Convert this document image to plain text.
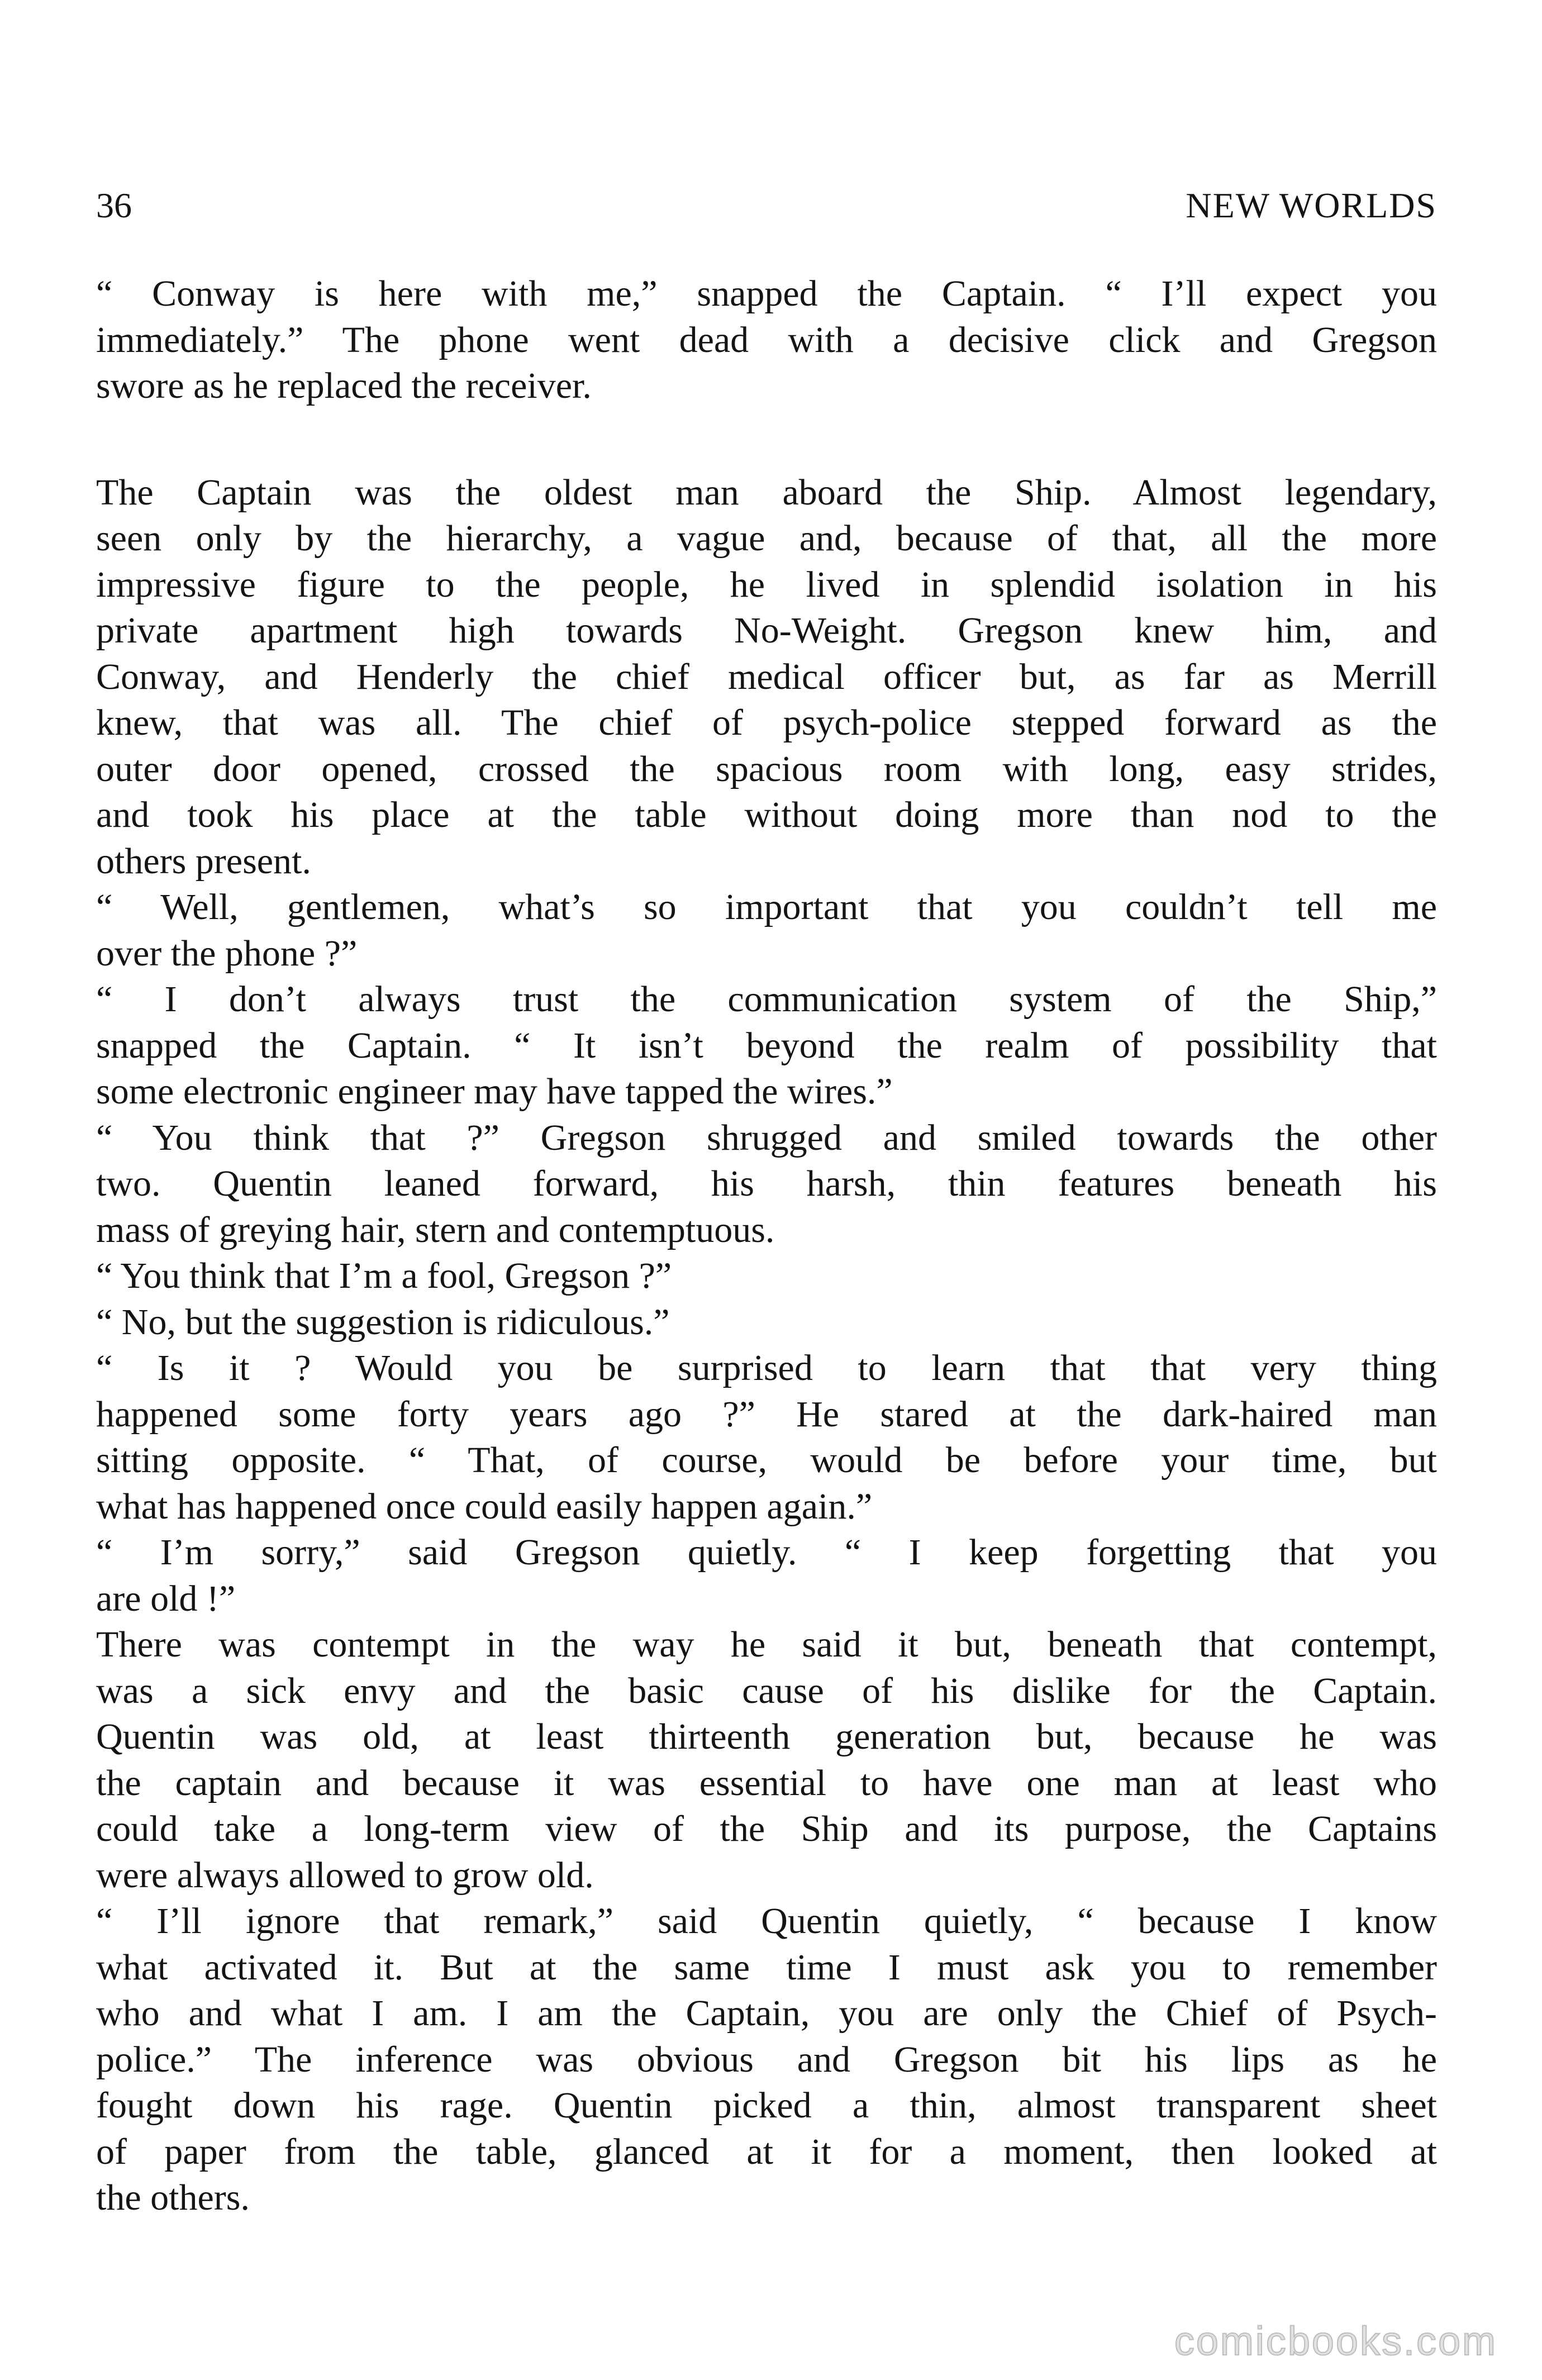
36	NEW WORLDS
“ Conway is here with me,” snapped the Captain. “ I’ll expect you
immediately.” The phone went dead with a decisive click and Gregson
swore as he replaced the receiver.
The Captain was the oldest man aboard the Ship. Almost legendary,
seen only by the hierarchy, a vague and, because of that, all the more
impressive figure to the people, he lived in splendid isolation in his
private apartment high towards No-Weight. Gregson knew him, and
Conway, and Henderly the chief medical officer but, as far as Merrill
knew, that was all. The chief of psych-police stepped forward as the
outer door opened, crossed the spacious room with long, easy strides,
and took his place at the table without doing more than nod to the
others present.
“ Well, gentlemen, what’s so important that you couldn’t tell me
over the phone ?”
“ I don’t always trust the communication system of the Ship,”
snapped the Captain. “ It isn’t beyond the realm of possibility that
some electronic engineer may have tapped the wires.”
“ You think that ?” Gregson shrugged and smiled towards the other
two. Quentin leaned forward, his harsh, thin features beneath his
mass of greying hair, stern and contemptuous.
“ You think that I’m a fool, Gregson ?”
“ No, but the suggestion is ridiculous.”
“ Is it ? Would you be surprised to learn that that very thing
happened some forty years ago ?” He stared at the dark-haired man
sitting opposite. “ That, of course, would be before your time, but
what has happened once could easily happen again.”
“ I’m sorry,” said Gregson quietly. “ I keep forgetting that you
are old !”
There was contempt in the way he said it but, beneath that contempt,
was a sick envy and the basic cause of his dislike for the Captain.
Quentin was old, at least thirteenth generation but, because he was
the captain and because it was essential to have one man at least who
could take a long-term view of the Ship and its purpose, the Captains
were always allowed to grow old.
“ I’ll ignore that remark,” said Quentin quietly, “ because I know
what activated it. But at the same time I must ask you to remember
who and what I am. I am the Captain, you are only the Chief of Psych-
police.” The inference was obvious and Gregson bit his lips as he
fought down his rage. Quentin picked a thin, almost transparent sheet
of paper from the table, glanced at it for a moment, then looked at
the others.
comicbooks.com
